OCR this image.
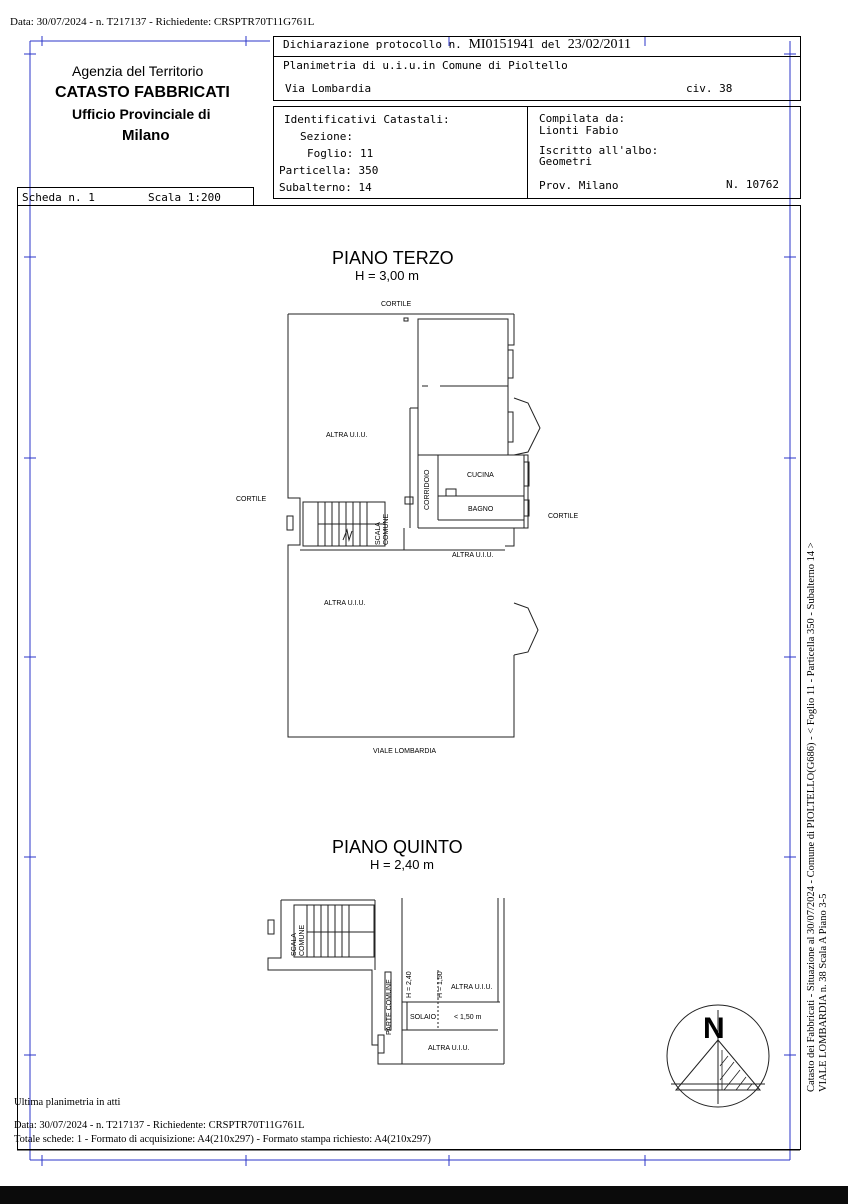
Data: 30/07/2024 - n. T217137 - Richiedente: CRSPTR70T11G761L
Agenzia del Territorio
CATASTO FABBRICATI
Ufficio Provinciale di
Milano
Dichiarazione protocollo n. MI0151941 del 23/02/2011
Planimetria di u.i.u.in Comune di Pioltello
Via Lombardia	civ. 38
Identificativi Catastali:
Sezione:
Foglio: 11
Particella: 350
Subalterno: 14
Compilata da:
Lionti Fabio
Iscritto all'albo:
Geometri
Prov. Milano	N. 10762
Scheda n. 1	Scala 1:200
PIANO TERZO
H = 3,00 m
CORTILE
CORTILE
CORTILE
ALTRA U.I.U.
ALTRA U.I.U.
ALTRA U.I.U.
CUCINA
BAGNO
CORRIDOIO
SCALA COMUNE
VIALE LOMBARDIA
PIANO QUINTO
H = 2,40 m
SCALA COMUNE
PARTE COMUNE H = 2,40	H = 1,50 ALTRA U.I.U.
SOLAIO	< 1,50 m
ALTRA U.I.U.
N	Catasto dei Fabbricati - Situazione al 30/07/2024 - Comune di PIOLTELLO(G686) - < Foglio 11 - Particella 350 - Subalterno 14 > VIALE LOMBARDIA n. 38 Scala A Piano 3-5
Ultima planimetria in atti
Data: 30/07/2024 - n. T217137 - Richiedente: CRSPTR70T11G761L
Totale schede: 1 - Formato di acquisizione: A4(210x297) - Formato stampa richiesto: A4(210x297)
